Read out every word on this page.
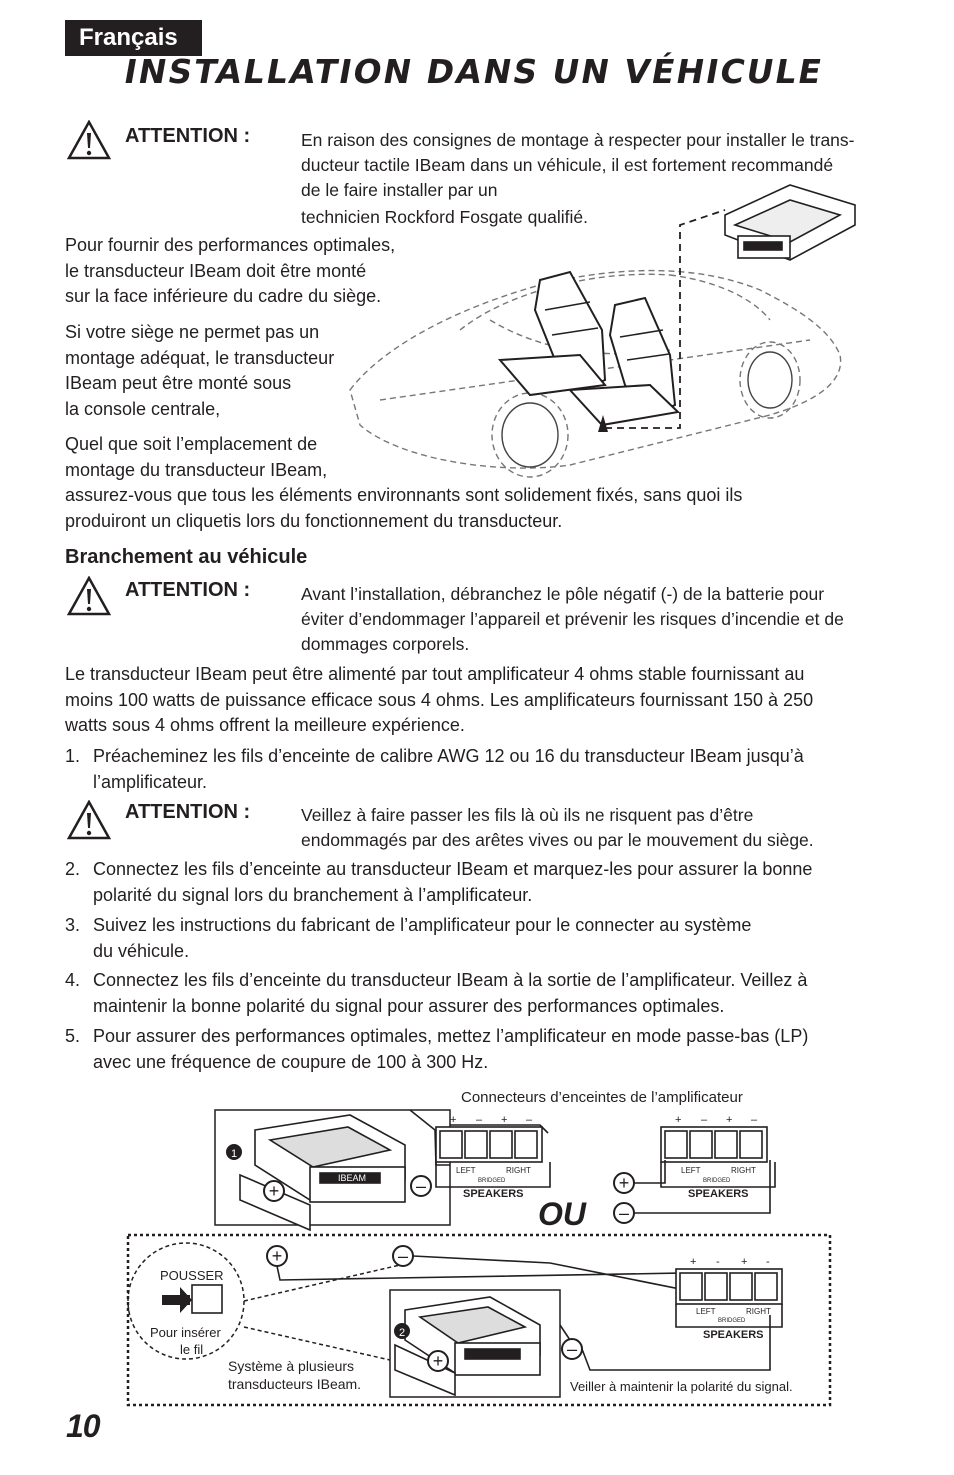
Français
INSTALLATION DANS UN VÉHICULE
ATTENTION :	En raison des consignes de montage à respecter pour installer le trans-
ducteur tactile IBeam dans un véhicule, il est fortement recommandé
de le faire installer par un
technicien Rockford Fosgate qualifié.
Pour fournir des performances optimales,
le transducteur IBeam doit être monté
sur la face inférieure du cadre du siège.
Si votre siège ne permet pas un
montage adéquat, le transducteur
IBeam peut être monté sous
la console centrale,
Quel que soit l’emplacement de
montage du transducteur IBeam,
assurez-vous que tous les éléments environnants sont solidement fixés, sans quoi ils
produiront un cliquetis lors du fonctionnement du transducteur.
Branchement au véhicule
ATTENTION :	Avant l’installation, débranchez le pôle négatif (-) de la batterie pour
éviter d’endommager l’appareil et prévenir les risques d’incendie et de
dommages corporels.
Le transducteur IBeam peut être alimenté par tout amplificateur 4 ohms stable fournissant au
moins 100 watts de puissance efficace sous 4 ohms. Les amplificateurs fournissant 150 à 250
watts sous 4 ohms offrent la meilleure expérience.
1. Préacheminez les fils d’enceinte de calibre AWG 12 ou 16 du transducteur IBeam jusqu’à
l’amplificateur.
ATTENTION :	Veillez à faire passer les fils là où ils ne risquent pas d’être
endommagés par des arêtes vives ou par le mouvement du siège.
2. Connectez les fils d’enceinte au transducteur IBeam et marquez-les pour assurer la bonne
polarité du signal lors du branchement à l’amplificateur.
3. Suivez les instructions du fabricant de l’amplificateur pour le connecter au système
du véhicule.
4. Connectez les fils d’enceinte du transducteur IBeam à la sortie de l’amplificateur. Veillez à
maintenir la bonne polarité du signal pour assurer des performances optimales.
5. Pour assurer des performances optimales, mettez l’amplificateur en mode passe-bas (LP)
avec une fréquence de coupure de 100 à 300 Hz.
Connecteurs d’enceintes de l’amplificateur
1
IBEAM
+	–
+ – + –
LEFT	RIGHT
BRIDGED
SPEAKERS
+ – + –
LEFT	RIGHT
BRIDGED
SPEAKERS
OU
+
–
POUSSER
Pour insérer
le fil
Système à plusieurs
transducteurs IBeam.
2
+
–
+	–	+ - + -
LEFT	RIGHT
BRIDGED
SPEAKERS
Veiller à maintenir la polarité du signal.
10
